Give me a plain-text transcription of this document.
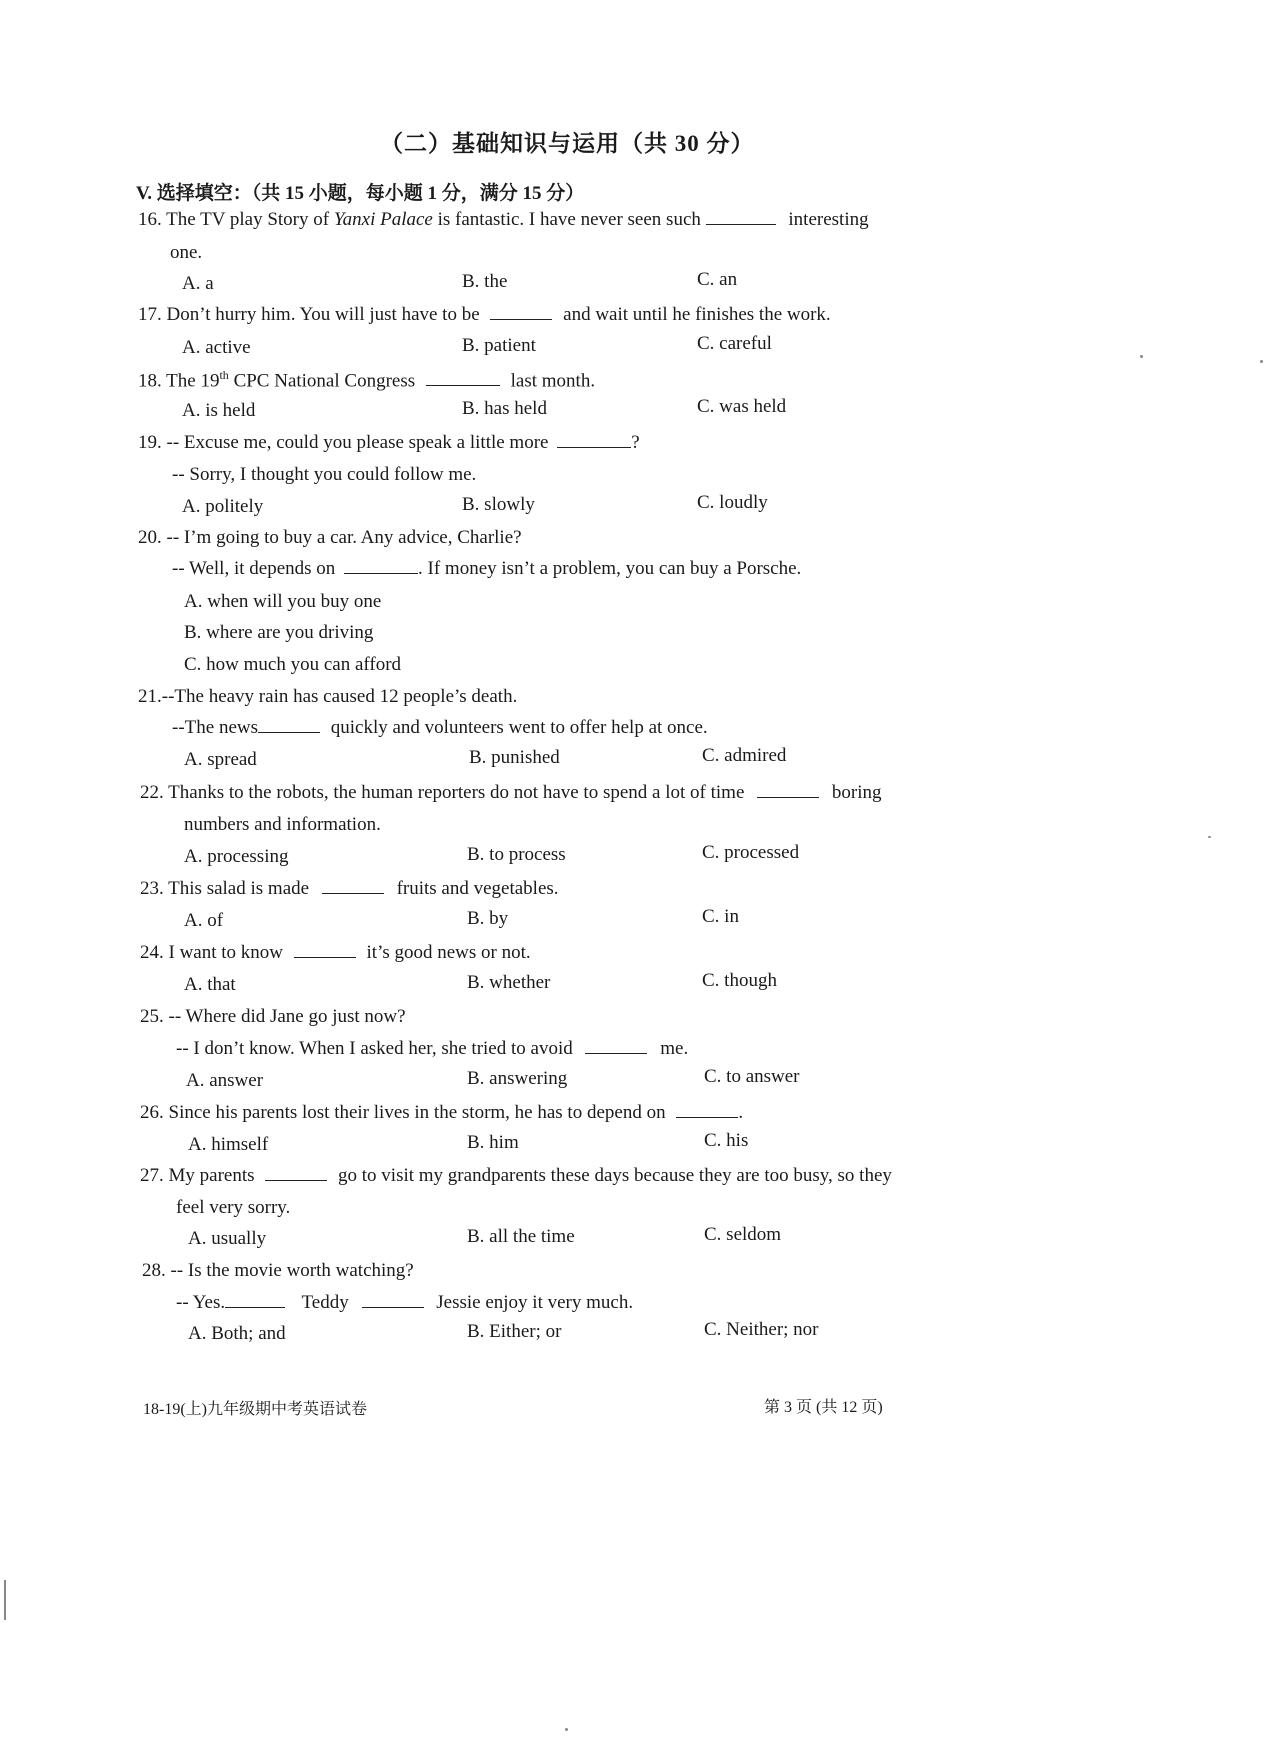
（二）基础知识与运用（共 30 分）
V. 选择填空：（共 15 小题，每小题 1 分，满分 15 分）
16. The TV play Story of Yanxi Palace is fantastic. I have never seen such	interesting
one.
A. a	B. the	C. an
17. Don’t hurry him. You will just have to be	and wait until he finishes the work.
A. active	B. patient	C. careful
18. The 19th CPC National Congress	last month.
A. is held	B. has held	C. was held
19. -- Excuse me, could you please speak a little more	?
-- Sorry, I thought you could follow me.
A. politely	B. slowly	C. loudly
20. -- I’m going to buy a car. Any advice, Charlie?
-- Well, it depends on	. If money isn’t a problem, you can buy a Porsche.
A. when will you buy one
B. where are you driving
C. how much you can afford
21.--The heavy rain has caused 12 people’s death.
--The news	quickly and volunteers went to offer help at once.
A. spread	B. punished	C. admired
22. Thanks to the robots, the human reporters do not have to spend a lot of time	boring
numbers and information.
A. processing	B. to process	C. processed
23. This salad is made	fruits and vegetables.
A. of	B. by	C. in
24. I want to know	it’s good news or not.
A. that	B. whether	C. though
25. -- Where did Jane go just now?
-- I don’t know. When I asked her, she tried to avoid	me.
A. answer	B. answering	C. to answer
26. Since his parents lost their lives in the storm, he has to depend on	.
A. himself	B. him	C. his
27. My parents	go to visit my grandparents these days because they are too busy, so they
feel very sorry.
A. usually	B. all the time	C. seldom
28. -- Is the movie worth watching?
-- Yes.	Teddy	Jessie enjoy it very much.
A. Both; and	B. Either; or	C. Neither; nor
18-19(上)九年级期中考英语试卷	第 3 页 (共 12 页)
